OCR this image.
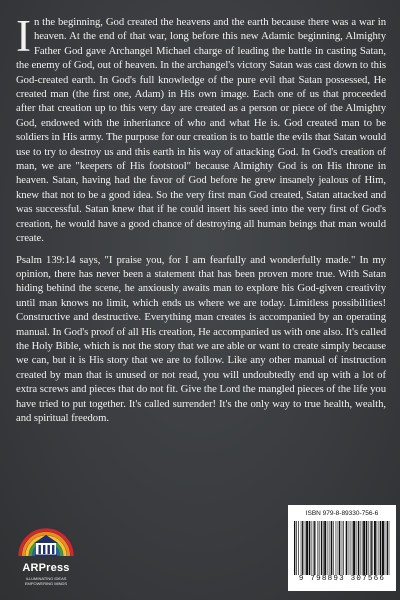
In the beginning, God created the heavens and the earth because there was a war in heaven. At the end of that war, long before this new Adamic beginning, Almighty Father God gave Archangel Michael charge of leading the battle in casting Satan, the enemy of God, out of heaven. In the archangel's victory Satan was cast down to this God-created earth. In God's full knowledge of the pure evil that Satan possessed, He created man (the first one, Adam) in His own image. Each one of us that proceeded after that creation up to this very day are created as a person or piece of the Almighty God, endowed with the inheritance of who and what He is. God created man to be soldiers in His army. The purpose for our creation is to battle the evils that Satan would use to try to destroy us and this earth in his way of attacking God. In God's creation of man, we are "keepers of His footstool" because Almighty God is on His throne in heaven. Satan, having had the favor of God before he grew insanely jealous of Him, knew that not to be a good idea. So the very first man God created, Satan attacked and was successful. Satan knew that if he could insert his seed into the very first of God's creation, he would have a good chance of destroying all human beings that man would create.

Psalm 139:14 says, "I praise you, for I am fearfully and wonderfully made." In my opinion, there has never been a statement that has been proven more true. With Satan hiding behind the scene, he anxiously awaits man to explore his God-given creativity until man knows no limit, which ends us where we are today. Limitless possibilities! Constructive and destructive. Everything man creates is accompanied by an operating manual. In God's proof of all His creation, He accompanied us with one also. It's called the Holy Bible, which is not the story that we are able or want to create simply because we can, but it is His story that we are to follow. Like any other manual of instruction created by man that is unused or not read, you will undoubtedly end up with a lot of extra screws and pieces that do not fit. Give the Lord the mangled pieces of the life you have tried to put together. It's called surrender! It's the only way to true health, wealth, and spiritual freedom.

ARPress
ILLUMINATING IDEAS EMPOWERING MINDS
ISBN 979-8-89330-756-6
9 798893 307566
